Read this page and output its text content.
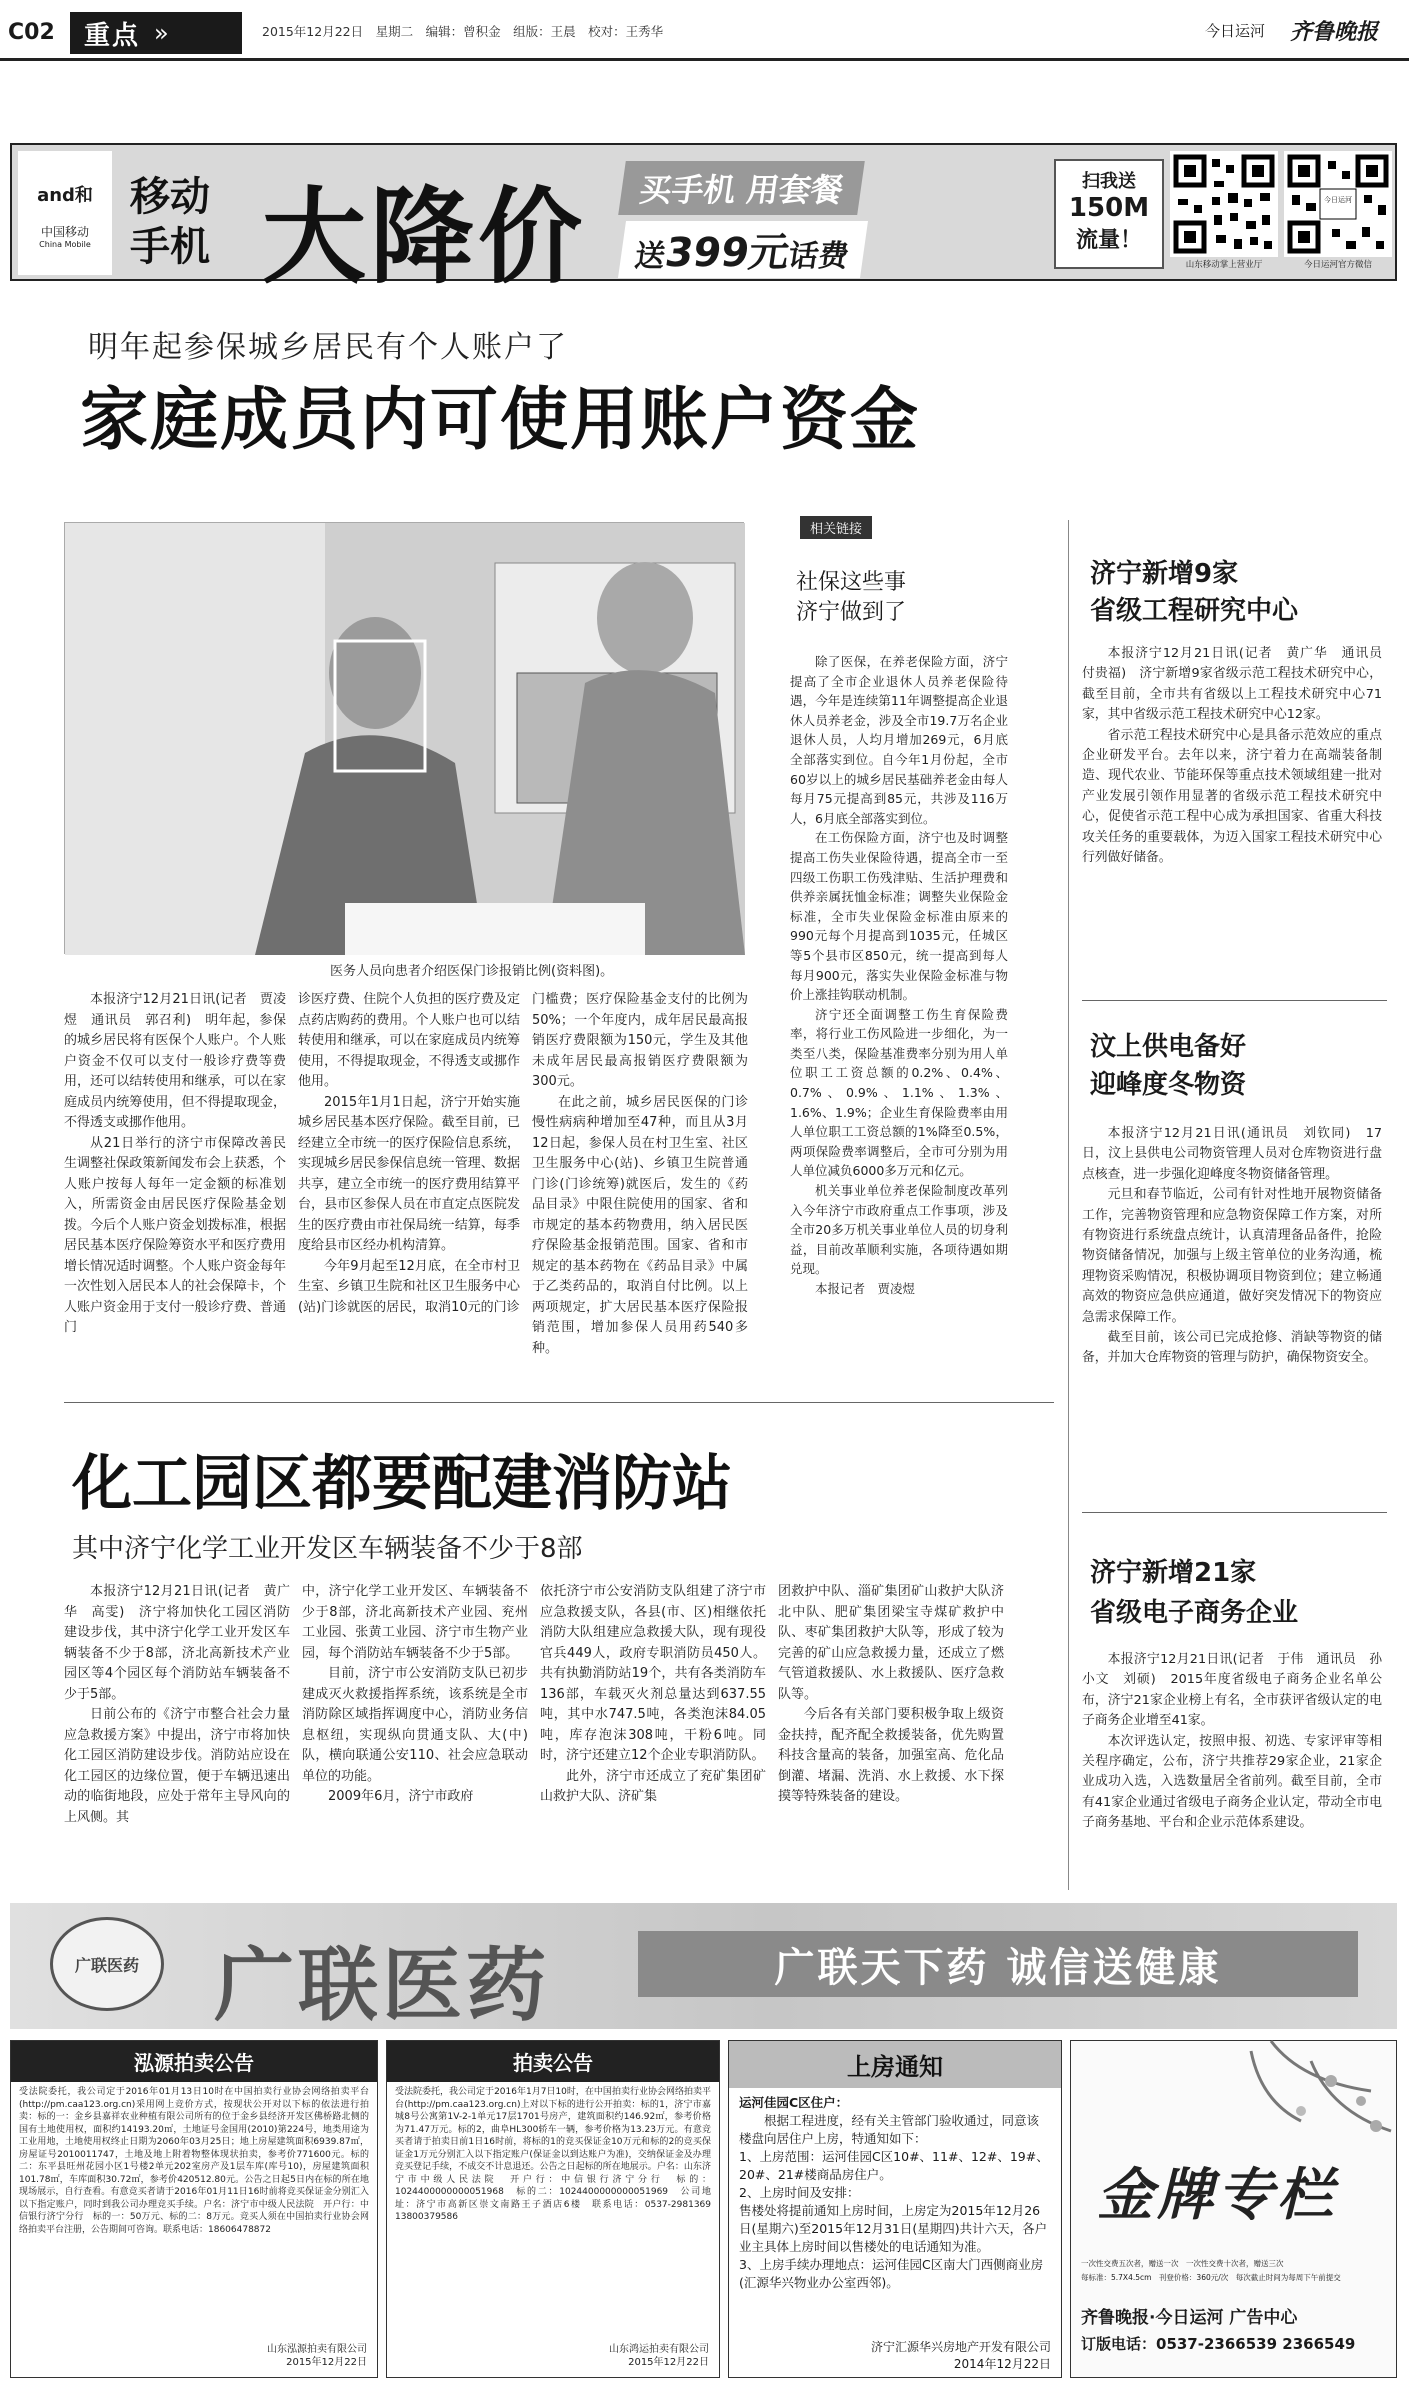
C02 重点 »	2015年12月22日　星期二　编辑：曾积金　组版：王晨　校对：王秀华	今日运河 齐鲁晚报
and和
中国移动
China Mobile
移动
手机 大降价	买手机 用套餐 送399元话费
扫我送
150M
流量！
山东移动掌上营业厅
今日运河
今日运河官方微信
明年起参保城乡居民有个人账户了
家庭成员内可使用账户资金
医务人员向患者介绍医保门诊报销比例(资料图)。

本报济宁12月21日讯(记者　贾凌煜　通讯员　郭召利)　明年起，参保的城乡居民将有医保个人账户。个人账户资金不仅可以支付一般诊疗费等费用，还可以结转使用和继承，可以在家庭成员内统筹使用，但不得提取现金，不得透支或挪作他用。

从21日举行的济宁市保障改善民生调整社保政策新闻发布会上获悉，个人账户按每人每年一定金额的标准划入，所需资金由居民医疗保险基金划拨。今后个人账户资金划拨标准，根据居民基本医疗保险筹资水平和医疗费用增长情况适时调整。个人账户资金每年一次性划入居民本人的社会保障卡，个人账户资金用于支付一般诊疗费、普通门

诊医疗费、住院个人负担的医疗费及定点药店购药的费用。个人账户也可以结转使用和继承，可以在家庭成员内统筹使用，不得提取现金，不得透支或挪作他用。

2015年1月1日起，济宁开始实施城乡居民基本医疗保险。截至目前，已经建立全市统一的医疗保险信息系统，实现城乡居民参保信息统一管理、数据共享，建立全市统一的医疗费用结算平台，县市区参保人员在市直定点医院发生的医疗费由市社保局统一结算，每季度给县市区经办机构清算。

今年9月起至12月底，在全市村卫生室、乡镇卫生院和社区卫生服务中心(站)门诊就医的居民，取消10元的门诊

门槛费；医疗保险基金支付的比例为50%；一个年度内，成年居民最高报销医疗费限额为150元，学生及其他未成年居民最高报销医疗费限额为300元。

在此之前，城乡居民医保的门诊慢性病病种增加至47种，而且从3月12日起，参保人员在村卫生室、社区卫生服务中心(站)、乡镇卫生院普通门诊(门诊统筹)就医后，发生的《药品目录》中限住院使用的国家、省和市规定的基本药物费用，纳入居民医疗保险基金报销范围。国家、省和市规定的基本药物在《药品目录》中属于乙类药品的，取消自付比例。以上两项规定，扩大居民基本医疗保险报销范围，增加参保人员用药540多种。

相关链接
社保这些事
济宁做到了

除了医保，在养老保险方面，济宁提高了全市企业退休人员养老保险待遇，今年是连续第11年调整提高企业退休人员养老金，涉及全市19.7万名企业退休人员，人均月增加269元，6月底全部落实到位。自今年1月份起，全市60岁以上的城乡居民基础养老金由每人每月75元提高到85元，共涉及116万人，6月底全部落实到位。

在工伤保险方面，济宁也及时调整提高工伤失业保险待遇，提高全市一至四级工伤职工伤残津贴、生活护理费和供养亲属抚恤金标准；调整失业保险金标准，全市失业保险金标准由原来的990元每个月提高到1035元，任城区等5个县市区850元，统一提高到每人每月900元，落实失业保险金标准与物价上涨挂钩联动机制。

济宁还全面调整工伤生育保险费率，将行业工伤风险进一步细化，为一类至八类，保险基准费率分别为用人单位职工工资总额的0.2%、0.4%、0.7%、0.9%、1.1%、1.3%、1.6%、1.9%；企业生育保险费率由用人单位职工工资总额的1%降至0.5%，两项保险费率调整后，全市可分别为用人单位减负6000多万元和亿元。

机关事业单位养老保险制度改革列入今年济宁市政府重点工作事项，涉及全市20多万机关事业单位人员的切身利益，目前改革顺利实施，各项待遇如期兑现。

本报记者　贾凌煜

济宁新增9家
省级工程研究中心

本报济宁12月21日讯(记者　黄广华　通讯员　付贵福)　济宁新增9家省级示范工程技术研究中心，截至目前，全市共有省级以上工程技术研究中心71家，其中省级示范工程技术研究中心12家。

省示范工程技术研究中心是具备示范效应的重点企业研发平台。去年以来，济宁着力在高端装备制造、现代农业、节能环保等重点技术领域组建一批对产业发展引领作用显著的省级示范工程技术研究中心，促使省示范工程中心成为承担国家、省重大科技攻关任务的重要载体，为迈入国家工程技术研究中心行列做好储备。

汶上供电备好
迎峰度冬物资

本报济宁12月21日讯(通讯员　刘钦同)　17日，汶上县供电公司物资管理人员对仓库物资进行盘点核查，进一步强化迎峰度冬物资储备管理。

元旦和春节临近，公司有针对性地开展物资储备工作，完善物资管理和应急物资保障工作方案，对所有物资进行系统盘点统计，认真清理备品备件，抢险物资储备情况，加强与上级主管单位的业务沟通，梳理物资采购情况，积极协调项目物资到位；建立畅通高效的物资应急供应通道，做好突发情况下的物资应急需求保障工作。

截至目前，该公司已完成抢修、消缺等物资的储备，并加大仓库物资的管理与防护，确保物资安全。

济宁新增21家
省级电子商务企业

本报济宁12月21日讯(记者　于伟　通讯员　孙小文　刘硕)　2015年度省级电子商务企业名单公布，济宁21家企业榜上有名，全市获评省级认定的电子商务企业增至41家。

本次评选认定，按照申报、初选、专家评审等相关程序确定，公布，济宁共推荐29家企业，21家企业成功入选，入选数量居全省前列。截至目前，全市有41家企业通过省级电子商务企业认定，带动全市电子商务基地、平台和企业示范体系建设。

化工园区都要配建消防站
其中济宁化学工业开发区车辆装备不少于8部

本报济宁12月21日讯(记者　黄广华　高雯)　济宁将加快化工园区消防建设步伐，其中济宁化学工业开发区车辆装备不少于8部，济北高新技术产业园区等4个园区每个消防站车辆装备不少于5部。

日前公布的《济宁市整合社会力量应急救援方案》中提出，济宁市将加快化工园区消防建设步伐。消防站应设在化工园区的边缘位置，便于车辆迅速出动的临街地段，应处于常年主导风向的上风侧。其

中，济宁化学工业开发区、车辆装备不少于8部，济北高新技术产业园、兖州工业园、张黄工业园、济宁市生物产业园，每个消防站车辆装备不少于5部。

目前，济宁市公安消防支队已初步建成灭火救援指挥系统，该系统是全市消防除区域指挥调度中心，消防业务信息枢纽，实现纵向贯通支队、大(中)队，横向联通公安110、社会应急联动单位的功能。

2009年6月，济宁市政府

依托济宁市公安消防支队组建了济宁市应急救援支队，各县(市、区)相继依托消防大队组建应急救援大队，现有现役官兵449人，政府专职消防员450人。共有执勤消防站19个，共有各类消防车136部，车载灭火剂总量达到637.55吨，其中水747.5吨，各类泡沫84.05吨，库存泡沫308吨，干粉6吨。同时，济宁还建立12个企业专职消防队。

此外，济宁市还成立了兖矿集团矿山救护大队、济矿集

团救护中队、淄矿集团矿山救护大队济北中队、肥矿集团梁宝寺煤矿救护中队、枣矿集团救护大队等，形成了较为完善的矿山应急救援力量，还成立了燃气管道救援队、水上救援队、医疗急救队等。

今后各有关部门要积极争取上级资金扶持，配齐配全救援装备，优先购置科技含量高的装备，加强室高、危化品倒灌、堵漏、洗消、水上救援、水下探摸等特殊装备的建设。

广联医药 广联医药	广联天下药 诚信送健康
泓源拍卖公告
受法院委托，我公司定于2016年01月13日10时在中国拍卖行业协会网络拍卖平台(http://pm.caa123.org.cn)采用网上竞价方式，按现状公开对以下标的依法进行拍卖：标的一：金乡县嘉祥农业种植有限公司所有的位于金乡县经济开发区佛桥路北侧的国有土地使用权，面积约14193.20㎡，土地证号金国用(2010)第224号，地类用途为工业用地，土地使用权终止日期为2060年03月25日；地上房屋建筑面积6939.87㎡，房屋证号2010011747，土地及地上附着物整体现状拍卖，参考价771600元。标的二：东平县旺州花园小区1号楼2单元202室房产及1层车库(库号10)，房屋建筑面积101.78㎡，车库面积30.72㎡，参考价420512.80元。公告之日起5日内在标的所在地现场展示，自行查看。有意竞买者请于2016年01月11日16时前将竞买保证金分别汇入以下指定账户，同时到我公司办理竞买手续。户名：济宁市中级人民法院　开户行：中信银行济宁分行　标的一：50万元、标的二：8万元。竞买人须在中国拍卖行业协会网络拍卖平台注册，公告期间可咨询。联系电话：18606478872
山东泓源拍卖有限公司
2015年12月22日
拍卖公告
受法院委托，我公司定于2016年1月7日10时，在中国拍卖行业协会网络拍卖平台(http://pm.caa123.org.cn)上对以下标的进行公开拍卖：标的1，济宁市嘉城8号公寓第1V-2-1单元17层1701号房产，建筑面积约146.92㎡，参考价格为71.47万元。标的2，曲阜HL300轿车一辆，参考价格为13.23万元。有意竞买者请于拍卖日前1日16时前，将标的1的竞买保证金10万元和标的2的竞买保证金1万元分别汇入以下指定账户(保证金以到达账户为准)，交纳保证金及办理竞买登记手续，不成交不计息退还。公告之日起标的所在地展示。户名：山东济宁市中级人民法院　开户行：中信银行济宁分行　标的：1024400000000051968　标的二：1024400000000051969　公司地址：济宁市高新区崇文南路王子酒店6楼　联系电话：0537-2981369 13800379586
山东鸿运拍卖有限公司
2015年12月22日
上房通知
运河佳园C区住户：
根据工程进度，经有关主管部门验收通过，同意该楼盘向居住户上房，特通知如下：
1、上房范围：运河佳园C区10#、11#、12#、19#、20#、21#楼商品房住户。
2、上房时间及安排：
售楼处将提前通知上房时间，上房定为2015年12月26日(星期六)至2015年12月31日(星期四)共计六天，各户业主具体上房时间以售楼处的电话通知为准。
3、上房手续办理地点：运河佳园C区南大门西侧商业房(汇源华兴物业办公室西邻)。
济宁汇源华兴房地产开发有限公司
2014年12月22日
金牌专栏
一次性交费五次者，赠送一次　一次性交费十次者，赠送三次
每标准：5.7X4.5cm　刊登价格：360元/次　每次截止时间为每周下午前提交
齐鲁晚报·今日运河 广告中心
订版电话：0537-2366539 2366549
